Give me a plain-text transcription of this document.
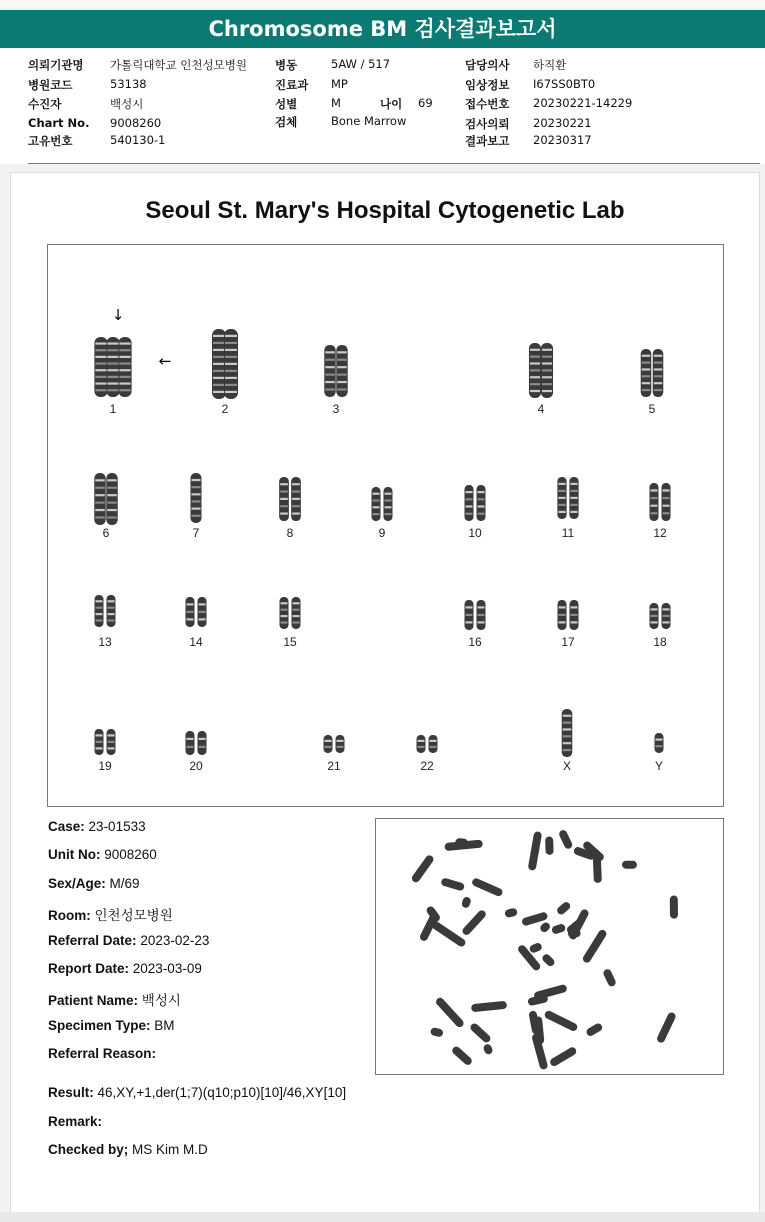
Chromosome BM 검사결과보고서
의뢰기관명 가톨릭대학교 인천성모병원
병원코드	53138
수진자	백성시
Chart No. 9008260
고유번호	540130-1
병동	5AW / 517
진료과 MP
성별	M	나이 69
검체	Bone Marrow
담당의사 하직환
임상정보 I67SS0BT0
접수번호 20230221-14229
검사의뢰 20230221
결과보고 20230317
Seoul St. Mary's Hospital Cytogenetic Lab
1	2	3	4	5
6	7	8	9	10	11	12
13	14	15	16	17	18
19	20	21	22	X	Y
↓
←
Case: 23-01533
Unit No: 9008260
Sex/Age: M/69
Room: 인천성모병원
Referral Date: 2023-02-23
Report Date: 2023-03-09
Patient Name: 백성시
Specimen Type: BM
Referral Reason:
Result: 46,XY,+1,der(1;7)(q10;p10)[10]/46,XY[10]
Remark:
Checked by; MS Kim M.D
